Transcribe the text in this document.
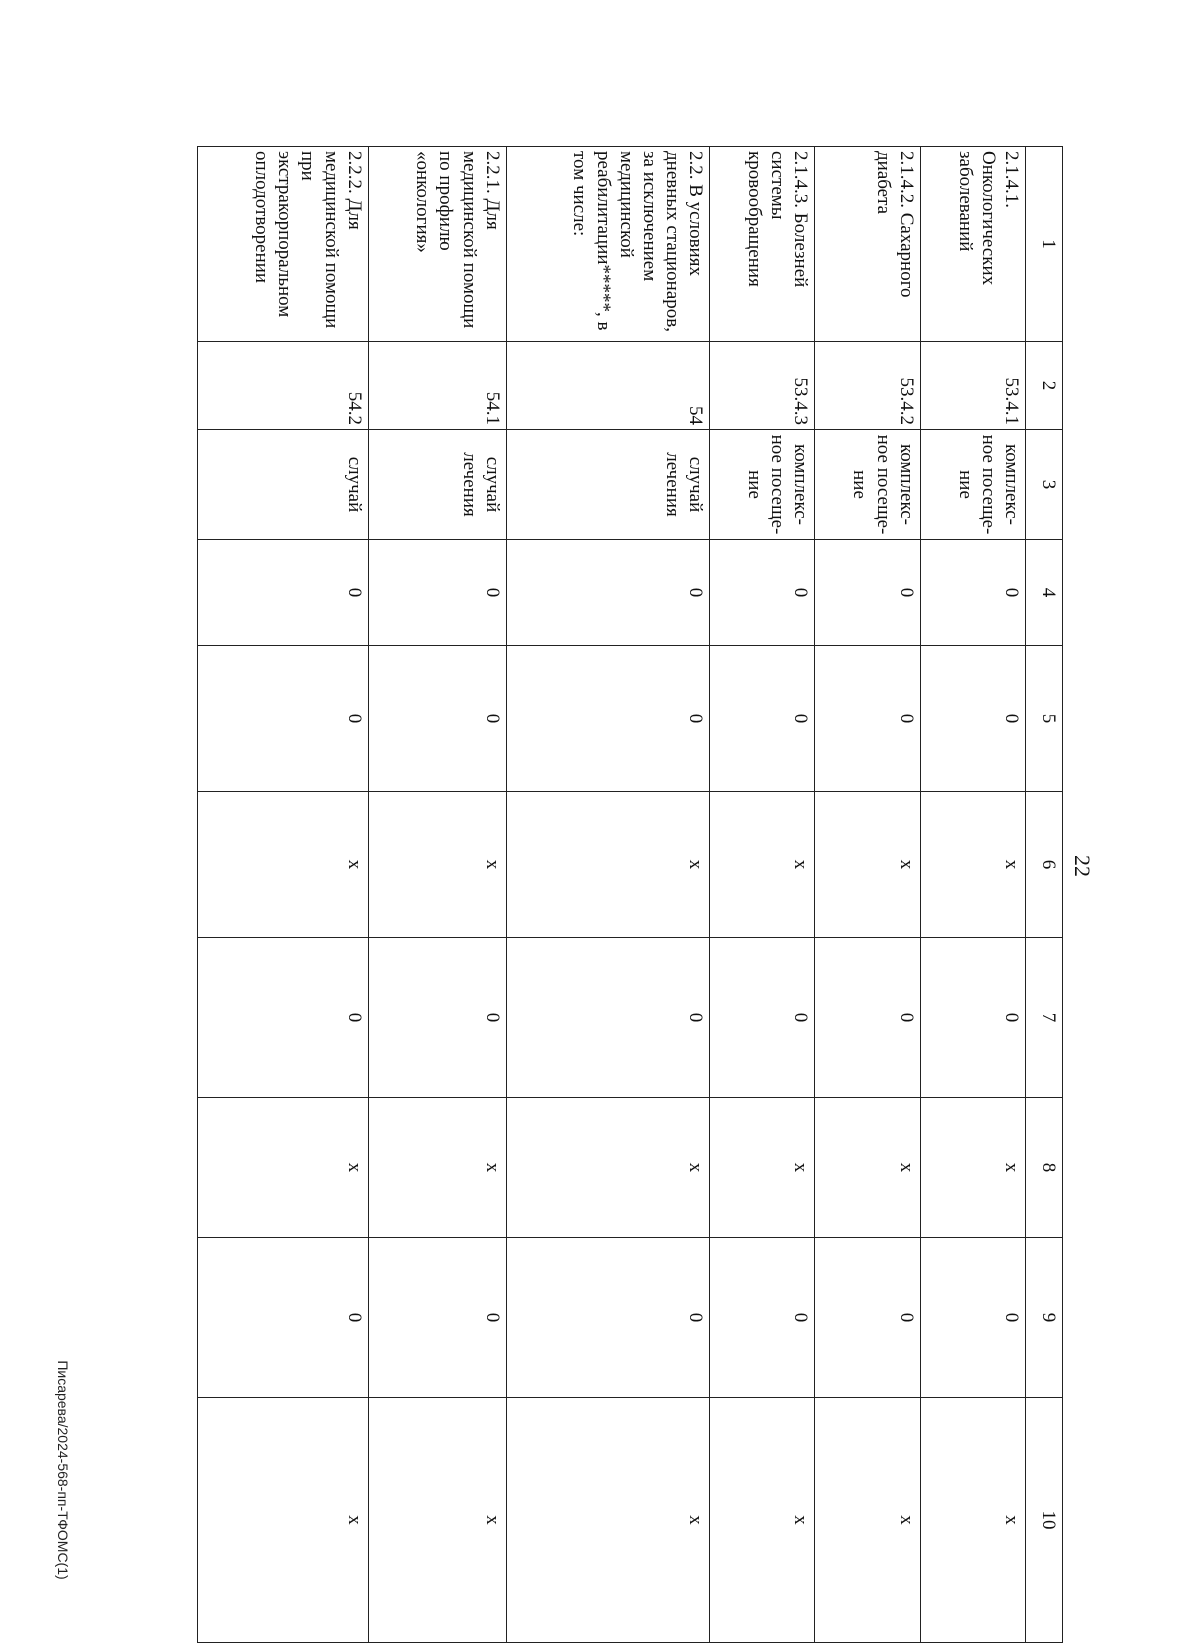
22
1	2	3	4	5	6	7	8	9	10
2.1.4.1. Онкологических заболеваний	53.4.1	комплекс-ное посеще-ние	0	0	x	0	x	0	x
2.1.4.2. Сахарного диабета	53.4.2	комплекс-ное посеще-ние	0	0	x	0	x	0	x
2.1.4.3. Болезней системы кровообращения	53.4.3	комплекс-ное посеще-ние	0	0	x	0	x	0	x
2.2. В условиях дневных стационаров, за исключением медицинской реабилитации*****, в том числе:	54	случай лечения	0	0	x	0	x	0	x
2.2.1. Для медицинской помощи по профилю «онкология»	54.1	случай лечения	0	0	x	0	x	0	x
2.2.2. Для медицинской помощи при экстракорпоральном оплодотворении	54.2	случай	0	0	x	0	x	0	x
Писарева/2024-568-пп-ТФОМС(1)
